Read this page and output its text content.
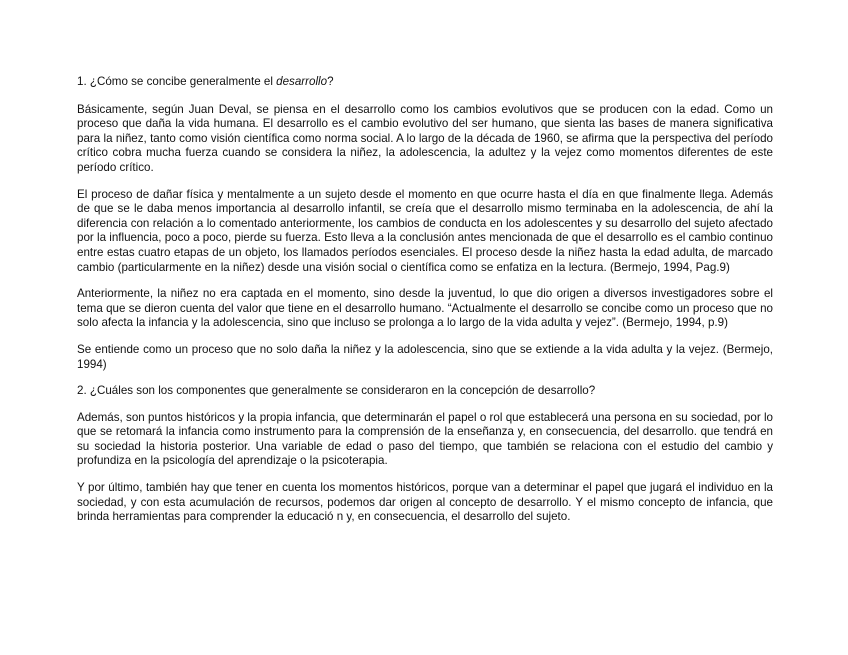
1. ¿Cómo se concibe generalmente el desarrollo?

Básicamente, según Juan Deval, se piensa en el desarrollo como los cambios evolutivos que se producen con la edad. Como un proceso que daña la vida humana. El desarrollo es el cambio evolutivo del ser humano, que sienta las bases de manera significativa para la niñez, tanto como visión científica como norma social. A lo largo de la década de 1960, se afirma que la perspectiva del período crítico cobra mucha fuerza cuando se considera la niñez, la adolescencia, la adultez y la vejez como momentos diferentes de este período crítico.

El proceso de dañar física y mentalmente a un sujeto desde el momento en que ocurre hasta el día en que finalmente llega. Además de que se le daba menos importancia al desarrollo infantil, se creía que el desarrollo mismo terminaba en la adolescencia, de ahí la diferencia con relación a lo comentado anteriormente, los cambios de conducta en los adolescentes y su desarrollo del sujeto afectado por la influencia, poco a poco, pierde su fuerza. Esto lleva a la conclusión antes mencionada de que el desarrollo es el cambio continuo entre estas cuatro etapas de un objeto, los llamados períodos esenciales. El proceso desde la niñez hasta la edad adulta, de marcado cambio (particularmente en la niñez) desde una visión social o científica como se enfatiza en la lectura. (Bermejo, 1994, Pag.9)

Anteriormente, la niñez no era captada en el momento, sino desde la juventud, lo que dio origen a diversos investigadores sobre el tema que se dieron cuenta del valor que tiene en el desarrollo humano. “Actualmente el desarrollo se concibe como un proceso que no solo afecta la infancia y la adolescencia, sino que incluso se prolonga a lo largo de la vida adulta y vejez”. (Bermejo, 1994, p.9)

Se entiende como un proceso que no solo daña la niñez y la adolescencia, sino que se extiende a la vida adulta y la vejez. (Bermejo, 1994)

2. ¿Cuáles son los componentes que generalmente se consideraron en la concepción de desarrollo?

Además, son puntos históricos y la propia infancia, que determinarán el papel o rol que establecerá una persona en su sociedad, por lo que se retomará la infancia como instrumento para la comprensión de la enseñanza y, en consecuencia, del desarrollo. que tendrá en su sociedad la historia posterior. Una variable de edad o paso del tiempo, que también se relaciona con el estudio del cambio y profundiza en la psicología del aprendizaje o la psicoterapia.

Y por último, también hay que tener en cuenta los momentos históricos, porque van a determinar el papel que jugará el individuo en la sociedad, y con esta acumulación de recursos, podemos dar origen al concepto de desarrollo. Y el mismo concepto de infancia, que brinda herramientas para comprender la educació n y, en consecuencia, el desarrollo del sujeto.
